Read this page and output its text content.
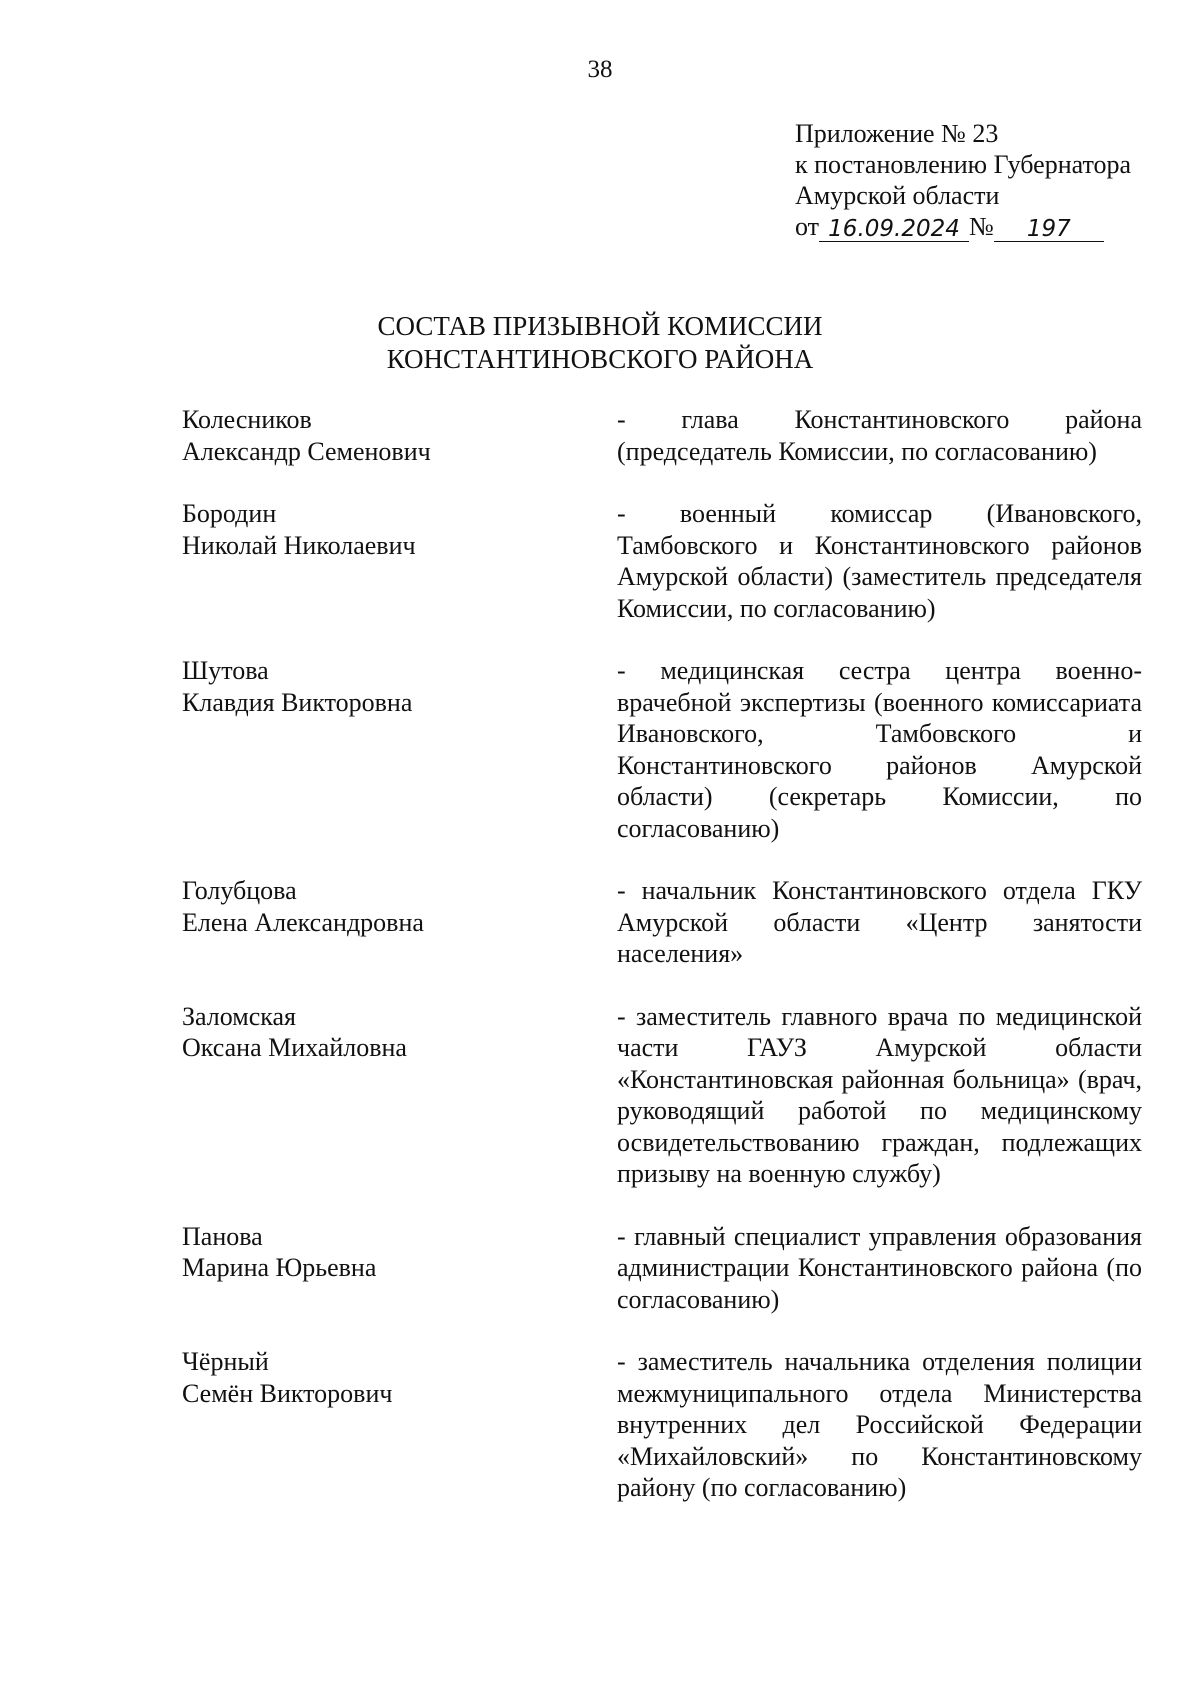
38
Приложение № 23
к постановлению Губернатора
Амурской области
от 16.09.2024 №	197
СОСТАВ ПРИЗЫВНОЙ КОМИССИИ
КОНСТАНТИНОВСКОГО РАЙОНА
Колесников
Александр Семенович
- глава Константиновского района (председатель Комиссии, по согласованию)
Бородин
Николай Николаевич
- военный комиссар (Ивановского, Тамбовского и Константиновского районов Амурской области) (заместитель председателя Комиссии, по согласованию)
Шутова
Клавдия Викторовна
- медицинская сестра центра военно-врачебной экспертизы (военного комиссариата Ивановского, Тамбовского и Константиновского районов Амурской области) (секретарь Комиссии, по согласованию)
Голубцова
Елена Александровна
- начальник Константиновского отдела ГКУ Амурской области «Центр занятости населения»
Заломская
Оксана Михайловна
- заместитель главного врача по медицинской части ГАУЗ Амурской области «Константиновская районная больница» (врач, руководящий работой по медицинскому освидетельствованию граждан, подлежащих призыву на военную службу)
Панова
Марина Юрьевна
- главный специалист управления образования администрации Константиновского района (по согласованию)
Чёрный
Семён Викторович
- заместитель начальника отделения полиции межмуниципального отдела Министерства внутренних дел Российской Федерации «Михайловский» по Константиновскому району (по согласованию)
